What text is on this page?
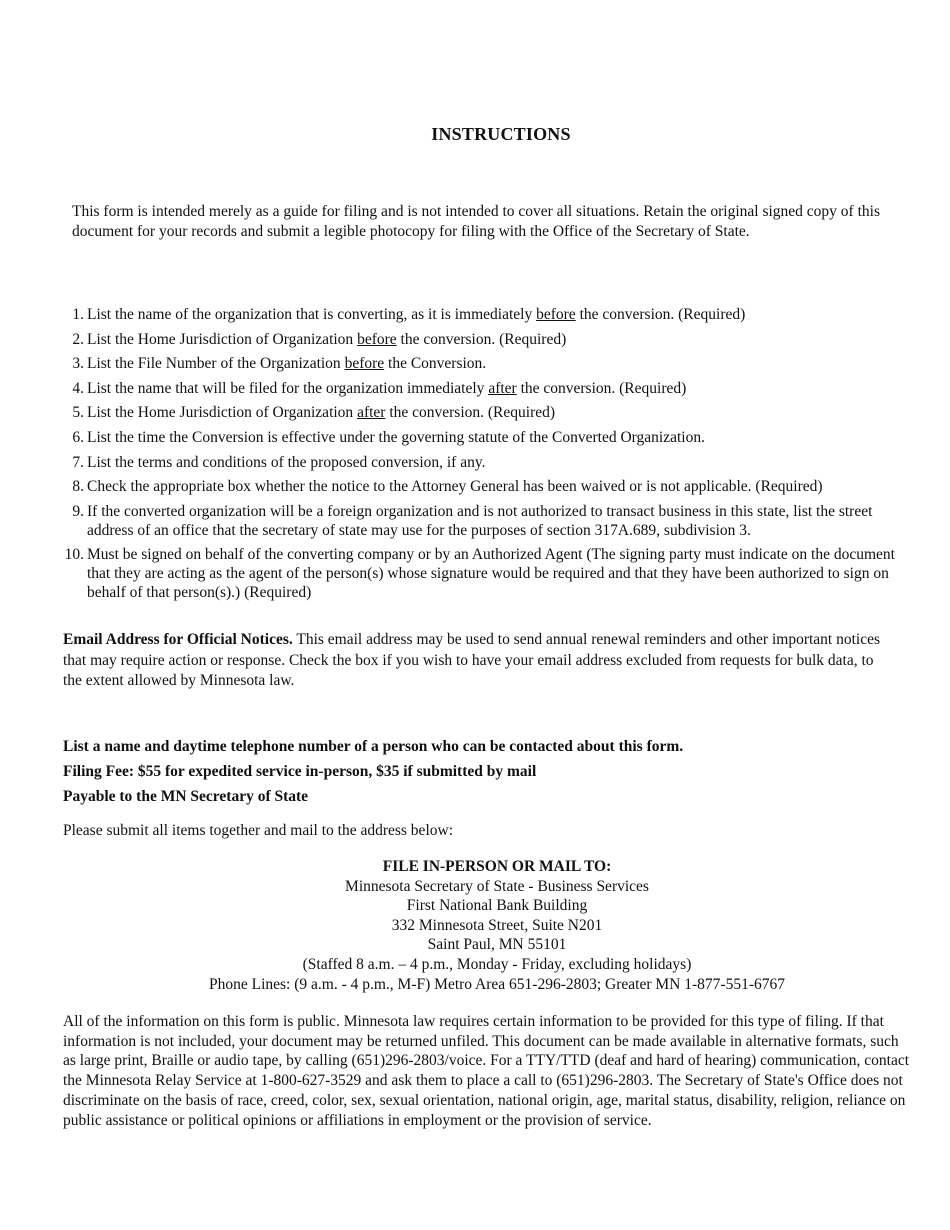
INSTRUCTIONS
This form is intended merely as a guide for filing and is not intended to cover all situations. Retain the original signed copy of this document for your records and submit a legible photocopy for filing with the Office of the Secretary of State.
1. List the name of the organization that is converting, as it is immediately before the conversion. (Required)
2. List the Home Jurisdiction of Organization before the conversion. (Required)
3. List the File Number of the Organization before the Conversion.
4. List the name that will be filed for the organization immediately after the conversion. (Required)
5. List the Home Jurisdiction of Organization after the conversion. (Required)
6. List the time the Conversion is effective under the governing statute of the Converted Organization.
7. List the terms and conditions of the proposed conversion, if any.
8. Check the appropriate box whether the notice to the Attorney General has been waived or is not applicable. (Required)
9. If the converted organization will be a foreign organization and is not authorized to transact business in this state, list the street address of an office that the secretary of state may use for the purposes of section 317A.689, subdivision 3.
10. Must be signed on behalf of the converting company or by an Authorized Agent (The signing party must indicate on the document that they are acting as the agent of the person(s) whose signature would be required and that they have been authorized to sign on behalf of that person(s).) (Required)
Email Address for Official Notices. This email address may be used to send annual renewal reminders and other important notices that may require action or response. Check the box if you wish to have your email address excluded from requests for bulk data, to the extent allowed by Minnesota law.
List a name and daytime telephone number of a person who can be contacted about this form.
Filing Fee: $55 for expedited service in-person, $35 if submitted by mail
Payable to the MN Secretary of State
Please submit all items together and mail to the address below:
FILE IN-PERSON OR MAIL TO:
Minnesota Secretary of State - Business Services
First National Bank Building
332 Minnesota Street, Suite N201
Saint Paul, MN 55101
(Staffed 8 a.m. – 4 p.m., Monday - Friday, excluding holidays)
Phone Lines: (9 a.m. - 4 p.m., M-F) Metro Area 651-296-2803; Greater MN 1-877-551-6767
All of the information on this form is public. Minnesota law requires certain information to be provided for this type of filing. If that information is not included, your document may be returned unfiled. This document can be made available in alternative formats, such as large print, Braille or audio tape, by calling (651)296-2803/voice. For a TTY/TTD (deaf and hard of hearing) communication, contact the Minnesota Relay Service at 1-800-627-3529 and ask them to place a call to (651)296-2803. The Secretary of State's Office does not discriminate on the basis of race, creed, color, sex, sexual orientation, national origin, age, marital status, disability, religion, reliance on public assistance or political opinions or affiliations in employment or the provision of service.
